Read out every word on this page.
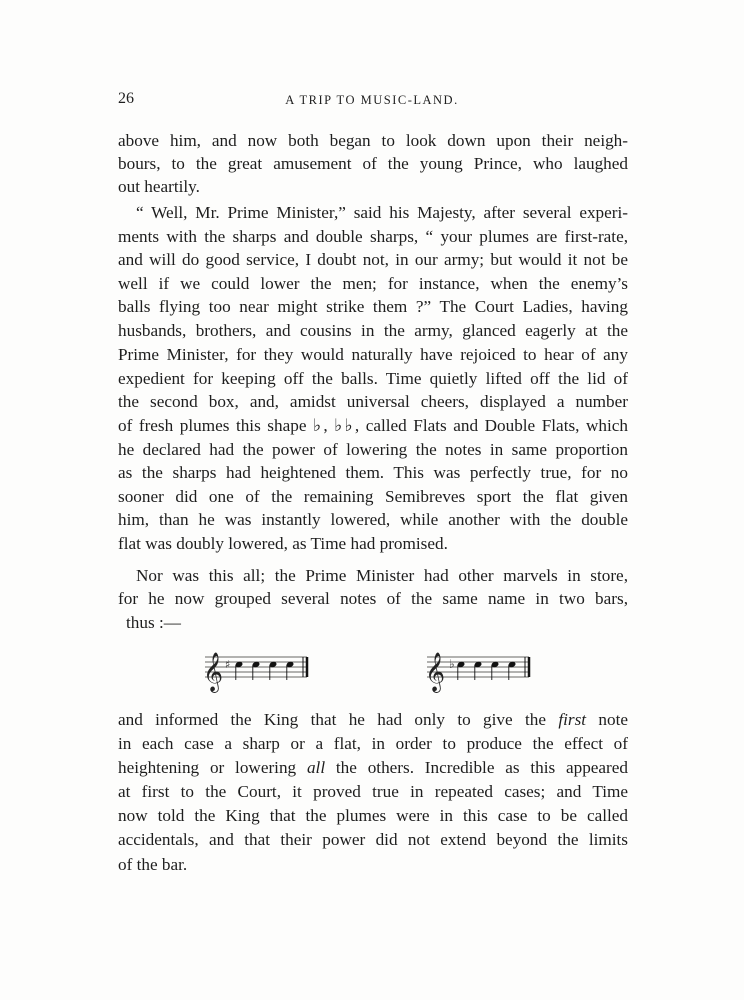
26	A TRIP TO MUSIC-LAND.
𝄞 ♯	𝄞 ♭
above him, and now both began to look down upon their neigh-
bours, to the great amusement of the young Prince, who laughed
out heartily.
“ Well, Mr. Prime Minister,” said his Majesty, after several experi-
ments with the sharps and double sharps, “ your plumes are first-rate,
and will do good service, I doubt not, in our army; but would it not be
well if we could lower the men; for instance, when the enemy’s
balls flying too near might strike them ?” The Court Ladies, having
husbands, brothers, and cousins in the army, glanced eagerly at the
Prime Minister, for they would naturally have rejoiced to hear of any
expedient for keeping off the balls. Time quietly lifted off the lid of
the second box, and, amidst universal cheers, displayed a number
of fresh plumes this shape ♭, ♭♭, called Flats and Double Flats, which
he declared had the power of lowering the notes in same proportion
as the sharps had heightened them. This was perfectly true, for no
sooner did one of the remaining Semibreves sport the flat given
him, than he was instantly lowered, while another with the double
flat was doubly lowered, as Time had promised.
Nor was this all; the Prime Minister had other marvels in store,
for he now grouped several notes of the same name in two bars,
thus :—
and informed the King that he had only to give the first note
in each case a sharp or a flat, in order to produce the effect of
heightening or lowering all the others. Incredible as this appeared
at first to the Court, it proved true in repeated cases; and Time
now told the King that the plumes were in this case to be called
accidentals, and that their power did not extend beyond the limits
of the bar.
